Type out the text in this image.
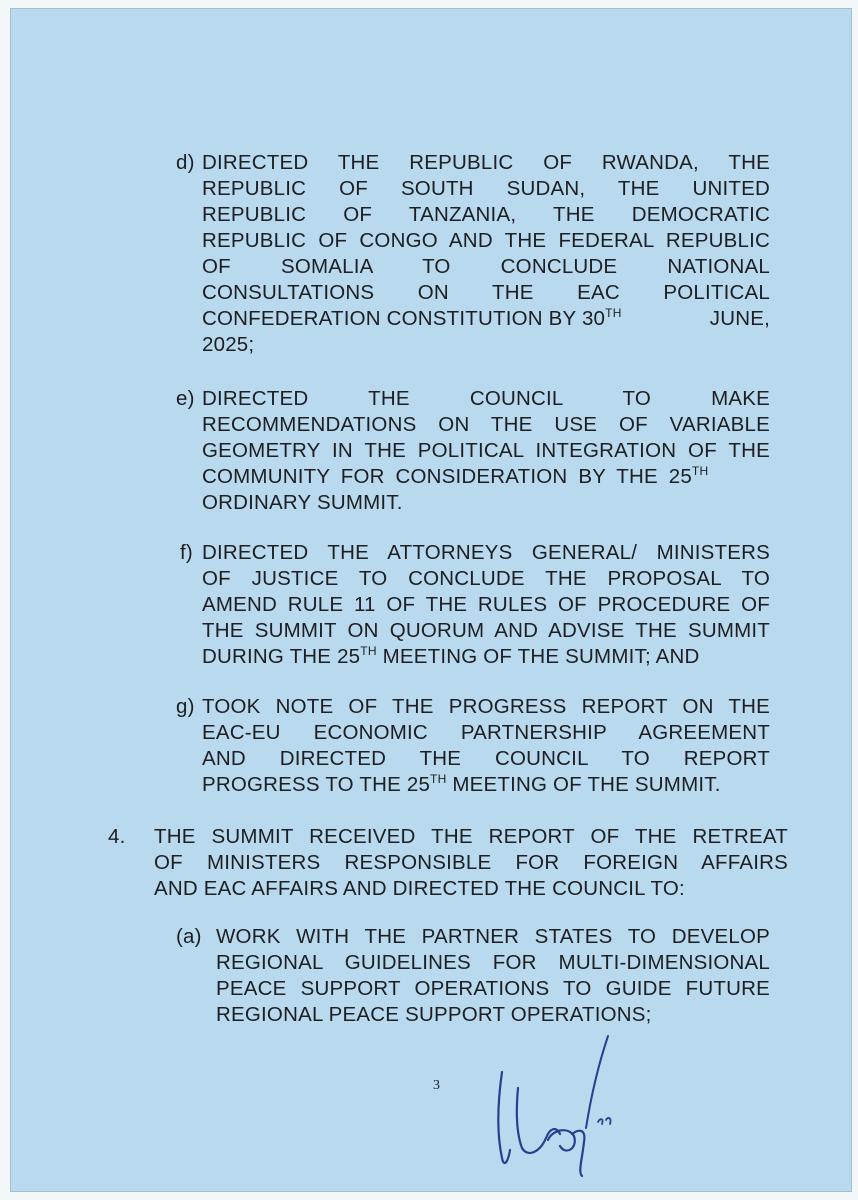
d) DIRECTED THE REPUBLIC OF RWANDA, THE
REPUBLIC OF SOUTH SUDAN, THE UNITED
REPUBLIC OF TANZANIA, THE DEMOCRATIC
REPUBLIC OF CONGO AND THE FEDERAL REPUBLIC
OF SOMALIA TO CONCLUDE NATIONAL
CONSULTATIONS ON THE EAC POLITICAL
CONFEDERATION CONSTITUTION BY 30TH	JUNE,
2025;
e) DIRECTED THE COUNCIL TO MAKE
RECOMMENDATIONS ON THE USE OF VARIABLE
GEOMETRY IN THE POLITICAL INTEGRATION OF THE
COMMUNITY FOR CONSIDERATION BY THE 25TH
ORDINARY SUMMIT.
f) DIRECTED THE ATTORNEYS GENERAL/ MINISTERS
OF JUSTICE TO CONCLUDE THE PROPOSAL TO
AMEND RULE 11 OF THE RULES OF PROCEDURE OF
THE SUMMIT ON QUORUM AND ADVISE THE SUMMIT
DURING THE 25TH MEETING OF THE SUMMIT; AND
g) TOOK NOTE OF THE PROGRESS REPORT ON THE
EAC-EU ECONOMIC PARTNERSHIP AGREEMENT
AND DIRECTED THE COUNCIL TO REPORT
PROGRESS TO THE 25TH MEETING OF THE SUMMIT.
4. THE SUMMIT RECEIVED THE REPORT OF THE RETREAT
OF MINISTERS RESPONSIBLE FOR FOREIGN AFFAIRS
AND EAC AFFAIRS AND DIRECTED THE COUNCIL TO:
(a) WORK WITH THE PARTNER STATES TO DEVELOP
REGIONAL GUIDELINES FOR MULTI-DIMENSIONAL
PEACE SUPPORT OPERATIONS TO GUIDE FUTURE
REGIONAL PEACE SUPPORT OPERATIONS;
3
